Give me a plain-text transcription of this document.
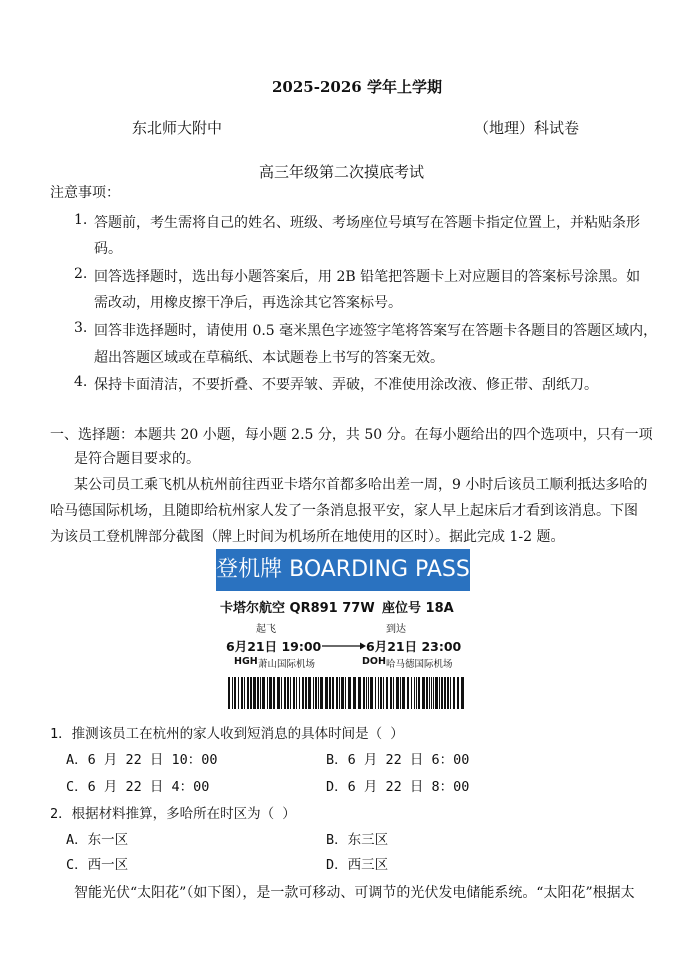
2025-2026 学年上学期
东北师大附中	（地理）科试卷
高三年级第二次摸底考试
注意事项：
1. 答题前，考生需将自己的姓名、班级、考场座位号填写在答题卡指定位置上，并粘贴条形
码。
2. 回答选择题时，选出每小题答案后，用 2B 铅笔把答题卡上对应题目的答案标号涂黑。如
需改动，用橡皮擦干净后，再选涂其它答案标号。
3. 回答非选择题时，请使用 0.5 毫米黑色字迹签字笔将答案写在答题卡各题目的答题区域内，
超出答题区域或在草稿纸、本试题卷上书写的答案无效。
4. 保持卡面清洁，不要折叠、不要弄皱、弄破，不准使用涂改液、修正带、刮纸刀。
一、选择题：本题共 20 小题，每小题 2.5 分，共 50 分。在每小题给出的四个选项中，只有一项
是符合题目要求的。
某公司员工乘飞机从杭州前往西亚卡塔尔首都多哈出差一周，9 小时后该员工顺利抵达多哈的
哈马德国际机场，且随即给杭州家人发了一条消息报平安，家人早上起床后才看到该消息。下图
为该员工登机牌部分截图（牌上时间为机场所在地使用的区时）。据此完成 1-2 题。
登机牌 BOARDING PASS
卡塔尔航空 QR891 77W 座位号 18A
起飞	到达
6月21日 19:00	6月21日 23:00
HGH 萧山国际机场	DOH 哈马德国际机场
1．推测该员工在杭州的家人收到短消息的具体时间是（ ）
A．6 月 22 日 10：00	B．6 月 22 日 6：00
C．6 月 22 日 4：00	D．6 月 22 日 8：00
2．根据材料推算，多哈所在时区为（ ）
A．东一区	B．东三区
C．西一区	D．西三区
智能光伏“太阳花”（如下图），是一款可移动、可调节的光伏发电储能系统。“太阳花”根据太
